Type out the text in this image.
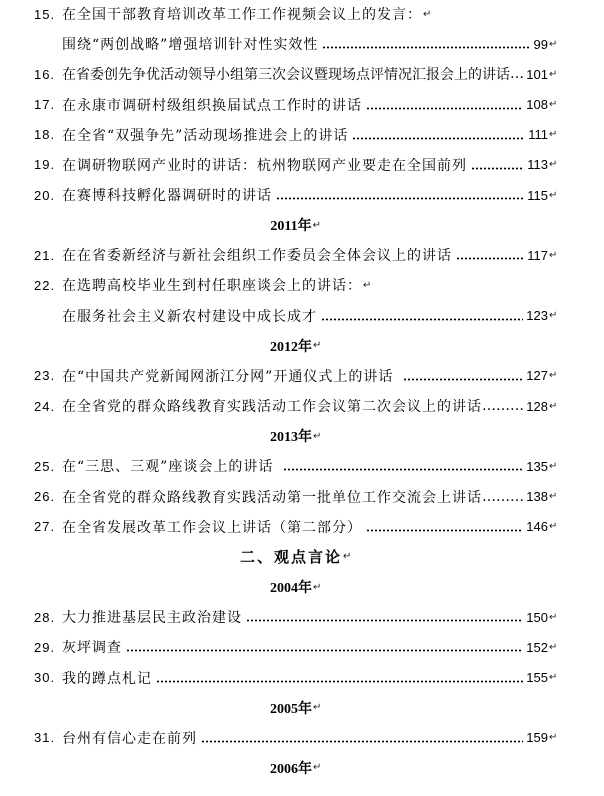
15. 在全国干部教育培训改革工作工作视频会议上的发言： ↵
围绕“两创战略”增强培训针对性实效性	99 ↵
16. 在省委创先争优活动领导小组第三次会议暨现场点评情况汇报会上的讲话 … 101 ↵
17. 在永康市调研村级组织换届试点工作时的讲话	108 ↵
18. 在全省“双强争先”活动现场推进会上的讲话	111 ↵
19. 在调研物联网产业时的讲话：杭州物联网产业要走在全国前列	113 ↵
20. 在赛博科技孵化器调研时的讲话	115 ↵
2011年 ↵
21. 在在省委新经济与新社会组织工作委员会全体会议上的讲话	117 ↵
22. 在选聘高校毕业生到村任职座谈会上的讲话： ↵
在服务社会主义新农村建设中成长成才	123 ↵
2012年 ↵
23. 在“中国共产党新闻网浙江分网”开通仪式上的讲话	127 ↵
24. 在全省党的群众路线教育实践活动工作会议第二次会议上的讲话 ……… 128 ↵
2013年 ↵
25. 在“三思、三观”座谈会上的讲话	135 ↵
26. 在全省党的群众路线教育实践活动第一批单位工作交流会上讲话 ……… 138 ↵
27. 在全省发展改革工作会议上讲话（第二部分）	146 ↵
二、观点言论 ↵
2004年 ↵
28. 大力推进基层民主政治建设	150 ↵
29. 灰坪调查	152 ↵
30. 我的蹲点札记	155 ↵
2005年 ↵
31. 台州有信心走在前列	159 ↵
2006年 ↵
